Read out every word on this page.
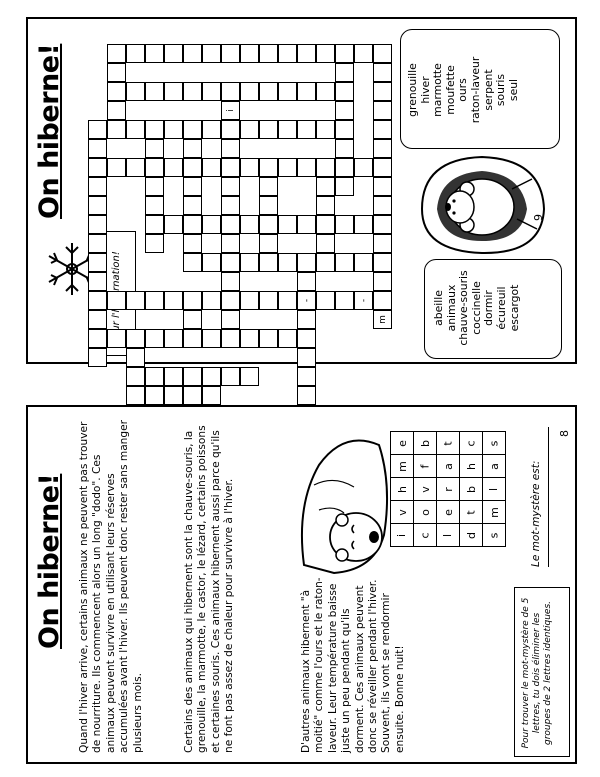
On hiberne!	i
m
-	-
grenouille hiver marmotte moufette ours raton-laveur serpent souris seul
abeille animaux chauve-souris coccinelle dormir écureuil escargot
9
On hiberne! Quand l'hiver arrive, certains animaux ne peuvent pas trouver de nourriture. Ils commencent alors un long "dodo". Ces animaux peuvent survivre en utilisant leurs réserves accumulées avant l'hiver. Ils peuvent donc rester sans manger plusieurs mois.	Certains des animaux qui hibernent sont la chauve-souris, la grenouille, la marmotte, le castor, le lézard, certains poissons et certaines souris. Ces animaux hibernent aussi parce qu'ils ne font pas assez de chaleur pour survivre à l'hiver.	D'autres animaux hibernent "à moitié" comme l'ours et le raton-laveur. Leur température baisse juste un peu pendant qu'ils dorment. Ces animaux peuvent donc se réveiller pendant l'hiver. Souvent, ils vont se rendormir ensuite. Bonne nuit!
e	b	t	c	s
m	f	a	h	a
h	v	r	b	l
v	o	e	t	m
i	c	l	d	s	Le mot-mystère est:
Pour trouver le mot-mystère de 5 lettres, tu dois éliminer les groupes de 2 lettres identiques.
8
